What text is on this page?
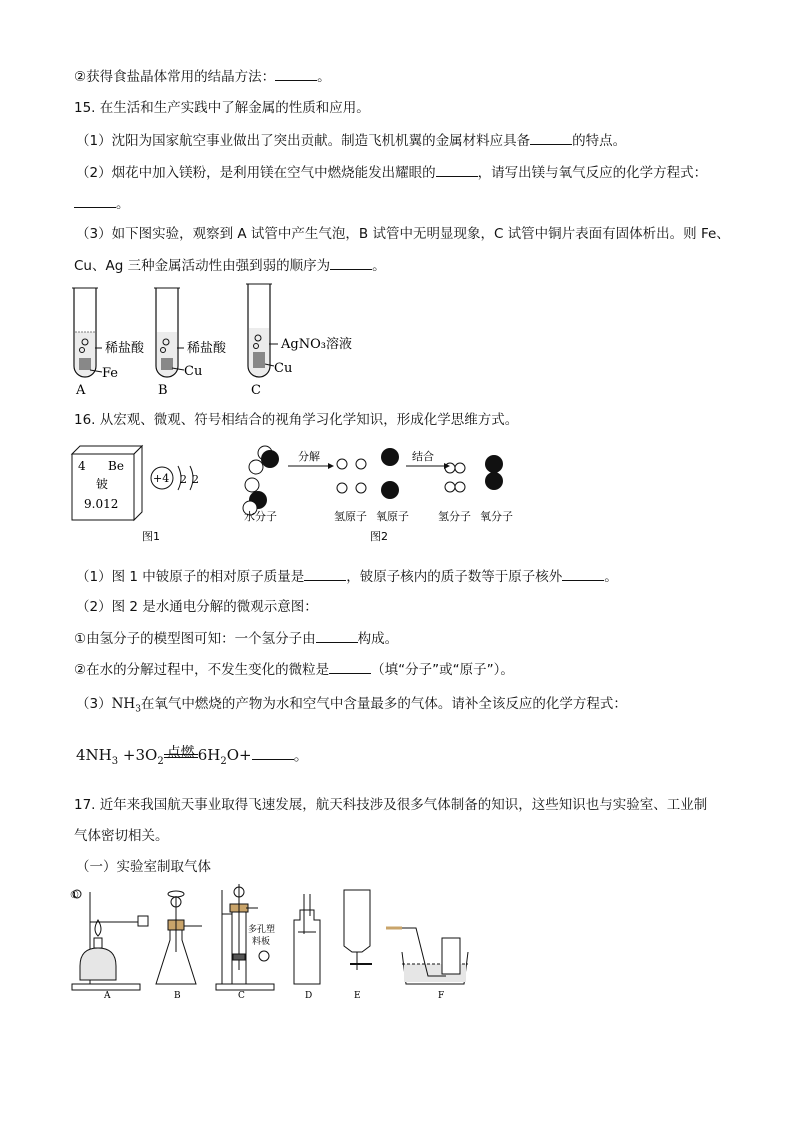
②获得食盐晶体常用的结晶方法：	。
15. 在生活和生产实践中了解金属的性质和应用。
（1）沈阳为国家航空事业做出了突出贡献。制造飞机机翼的金属材料应具备	的特点。
（2）烟花中加入镁粉，是利用镁在空气中燃烧能发出耀眼的	，请写出镁与氧气反应的化学方程式：
。
（3）如下图实验，观察到 A 试管中产生气泡，B 试管中无明显现象，C 试管中铜片表面有固体析出。则 Fe、
Cu、Ag 三种金属活动性由强到弱的顺序为	。
稀盐酸
Fe
A
稀盐酸
Cu
B
AgNO₃溶液
Cu
C
16. 从宏观、微观、符号相结合的视角学习化学知识，形成化学思维方式。
4 Be
铍
9.012
+4 2 2
图1
分解	结合
水分子	氢原子 氧原子	氢分子 氧分子
图2
（1）图 1 中铍原子的相对原子质量是	，铍原子核内的质子数等于原子核外	。
（2）图 2 是水通电分解的微观示意图：
①由氢分子的模型图可知：一个氢分子由	构成。
②在水的分解过程中，不发生变化的微粒是	（填“分子”或“原子”）。
$(3)NH_3$在氧气中燃烧的产物为水和空气中含量最多的气体。请补全该反应的化学方程式：
$4NH_3 +3O_2$
点燃 $6H_2O+$	。
17. 近年来我国航天事业取得飞速发展，航天科技涉及很多气体制备的知识，这些知识也与实验室、工业制
气体密切相关。
（一）实验室制取气体
①
多孔塑
料板
A	B	C	D	E	F
